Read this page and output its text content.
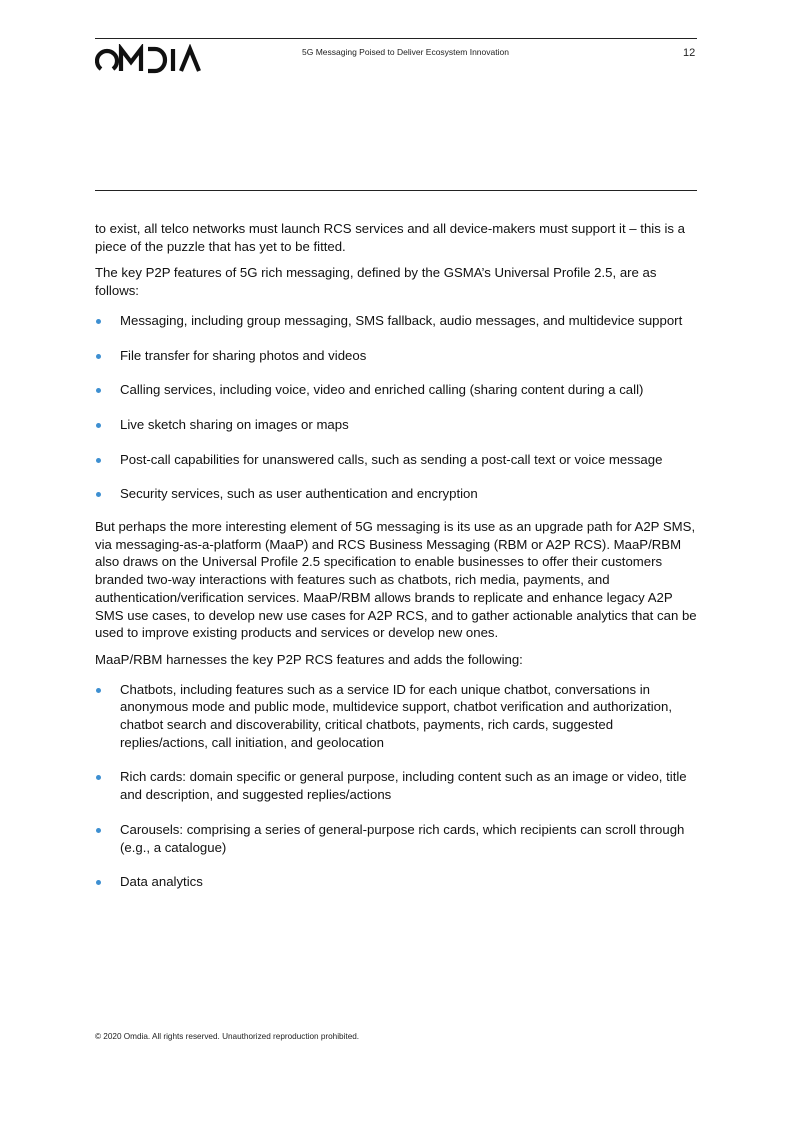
5G Messaging Poised to Deliver Ecosystem Innovation	12

to exist, all telco networks must launch RCS services and all device-makers must support it – this is a piece of the puzzle that has yet to be fitted.

The key P2P features of 5G rich messaging, defined by the GSMA’s Universal Profile 2.5, are as follows:

Messaging, including group messaging, SMS fallback, audio messages, and multidevice support
File transfer for sharing photos and videos
Calling services, including voice, video and enriched calling (sharing content during a call)
Live sketch sharing on images or maps
Post-call capabilities for unanswered calls, such as sending a post-call text or voice message
Security services, such as user authentication and encryption

But perhaps the more interesting element of 5G messaging is its use as an upgrade path for A2P SMS, via messaging-as-a-platform (MaaP) and RCS Business Messaging (RBM or A2P RCS). MaaP/RBM also draws on the Universal Profile 2.5 specification to enable businesses to offer their customers branded two-way interactions with features such as chatbots, rich media, payments, and authentication/verification services. MaaP/RBM allows brands to replicate and enhance legacy A2P SMS use cases, to develop new use cases for A2P RCS, and to gather actionable analytics that can be used to improve existing products and services or develop new ones.

MaaP/RBM harnesses the key P2P RCS features and adds the following:

Chatbots, including features such as a service ID for each unique chatbot, conversations in anonymous mode and public mode, multidevice support, chatbot verification and authorization, chatbot search and discoverability, critical chatbots, payments, rich cards, suggested replies/actions, call initiation, and geolocation
Rich cards: domain specific or general purpose, including content such as an image or video, title and description, and suggested replies/actions
Carousels: comprising a series of general-purpose rich cards, which recipients can scroll through (e.g., a catalogue)
Data analytics
© 2020 Omdia. All rights reserved. Unauthorized reproduction prohibited.
